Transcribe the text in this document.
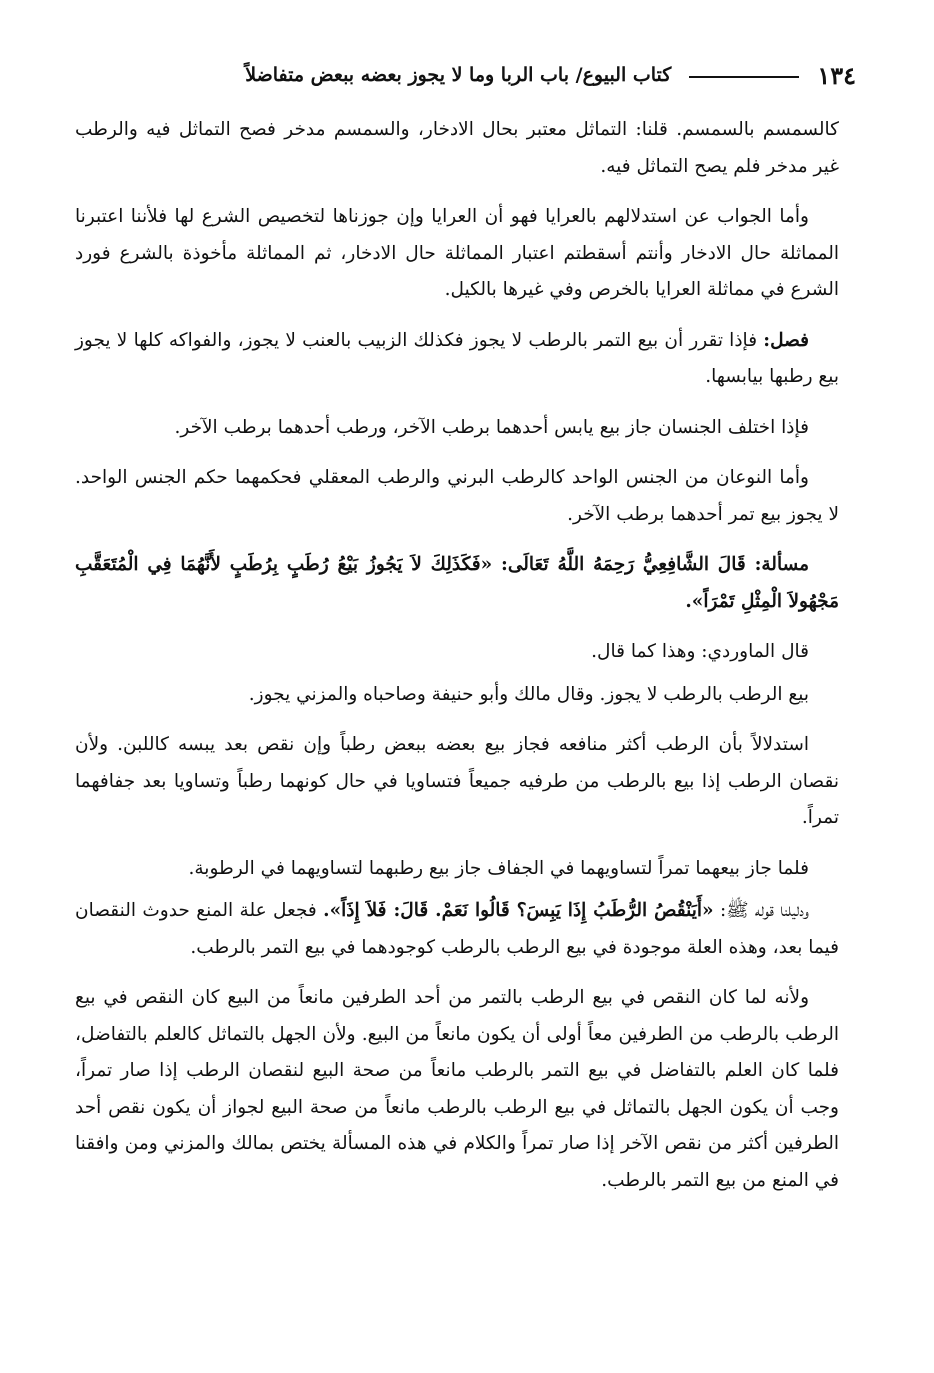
١٣٤
كتاب البيوع/ باب الربا وما لا يجوز بعضه ببعض متفاضلاً

كالسمسم بالسمسم. قلنا: التماثل معتبر بحال الادخار، والسمسم مدخر فصح التماثل فيه والرطب غير مدخر فلم يصح التماثل فيه.

وأما الجواب عن استدلالهم بالعرايا فهو أن العرايا وإن جوزناها لتخصيص الشرع لها فلأننا اعتبرنا المماثلة حال الادخار وأنتم أسقطتم اعتبار المماثلة حال الادخار، ثم المماثلة مأخوذة بالشرع فورد الشرع في مماثلة العرايا بالخرص وفي غيرها بالكيل.

فصل: فإذا تقرر أن بيع التمر بالرطب لا يجوز فكذلك الزبيب بالعنب لا يجوز، والفواكه كلها لا يجوز بيع رطبها بيابسها.

فإذا اختلف الجنسان جاز بيع يابس أحدهما برطب الآخر، ورطب أحدهما برطب الآخر.

وأما النوعان من الجنس الواحد كالرطب البرني والرطب المعقلي فحكمهما حكم الجنس الواحد. لا يجوز بيع تمر أحدهما برطب الآخر.

مسألة: قَالَ الشَّافِعِيُّ رَحِمَهُ اللَّهُ تَعَالَى: «فَكَذَلِكَ لاَ يَجُوزُ بَيْعُ رُطَبٍ بِرُطَبٍ لأَنَّهُمَا فِي الْمُتَعَقَّبِ مَجْهُولاَ الْمِثْلِ تَمْرَاً».

قال الماوردي: وهذا كما قال.

بيع الرطب بالرطب لا يجوز. وقال مالك وأبو حنيفة وصاحباه والمزني يجوز.

استدلالاً بأن الرطب أكثر منافعه فجاز بيع بعضه ببعض رطباً وإن نقص بعد يبسه كاللبن. ولأن نقصان الرطب إذا بيع بالرطب من طرفيه جميعاً فتساويا في حال كونهما رطباً وتساويا بعد جفافهما تمراً.

فلما جاز بيعهما تمراً لتساويهما في الجفاف جاز بيع رطبهما لتساويهما في الرطوبة.

ودليلنا قوله ﷺ: «أَيَنْقُصُ الرُّطَبُ إِذَا يَبِسَ؟ قَالُوا نَعَمْ. قَالَ: فَلاَ إِذَاً». فجعل علة المنع حدوث النقصان فيما بعد، وهذه العلة موجودة في بيع الرطب بالرطب كوجودهما في بيع التمر بالرطب.

ولأنه لما كان النقص في بيع الرطب بالتمر من أحد الطرفين مانعاً من البيع كان النقص في بيع الرطب بالرطب من الطرفين معاً أولى أن يكون مانعاً من البيع. ولأن الجهل بالتماثل كالعلم بالتفاضل، فلما كان العلم بالتفاضل في بيع التمر بالرطب مانعاً من صحة البيع لنقصان الرطب إذا صار تمراً، وجب أن يكون الجهل بالتماثل في بيع الرطب بالرطب مانعاً من صحة البيع لجواز أن يكون نقص أحد الطرفين أكثر من نقص الآخر إذا صار تمراً والكلام في هذه المسألة يختص بمالك والمزني ومن وافقنا في المنع من بيع التمر بالرطب.
